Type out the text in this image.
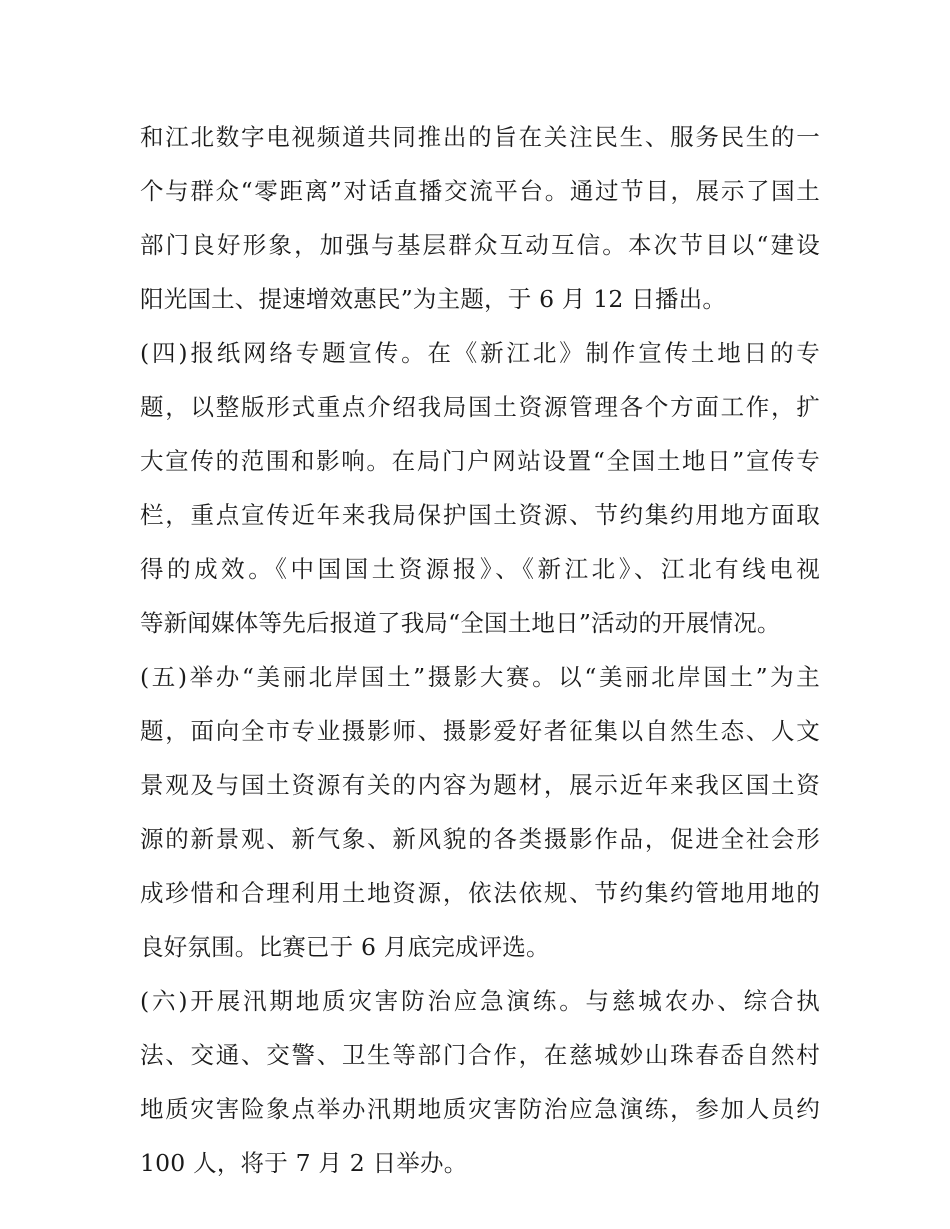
和江北数字电视频道共同推出的旨在关注民生、服务民生的一
个与群众“零距离”对话直播交流平台。通过节目，展示了国土
部门良好形象，加强与基层群众互动互信。本次节目以“建设
阳光国土、提速增效惠民”为主题，于 6 月 12 日播出。
(四)报纸网络专题宣传。在《新江北》制作宣传土地日的专
题，以整版形式重点介绍我局国土资源管理各个方面工作，扩
大宣传的范围和影响。在局门户网站设置“全国土地日”宣传专
栏，重点宣传近年来我局保护国土资源、节约集约用地方面取
得的成效。《中国国土资源报》、《新江北》、江北有线电视
等新闻媒体等先后报道了我局“全国土地日”活动的开展情况。
(五)举办“美丽北岸国土”摄影大赛。以“美丽北岸国土”为主
题，面向全市专业摄影师、摄影爱好者征集以自然生态、人文
景观及与国土资源有关的内容为题材，展示近年来我区国土资
源的新景观、新气象、新风貌的各类摄影作品，促进全社会形
成珍惜和合理利用土地资源，依法依规、节约集约管地用地的
良好氛围。比赛已于 6 月底完成评选。
(六)开展汛期地质灾害防治应急演练。与慈城农办、综合执
法、交通、交警、卫生等部门合作，在慈城妙山珠春岙自然村
地质灾害险象点举办汛期地质灾害防治应急演练，参加人员约
100 人，将于 7 月 2 日举办。
